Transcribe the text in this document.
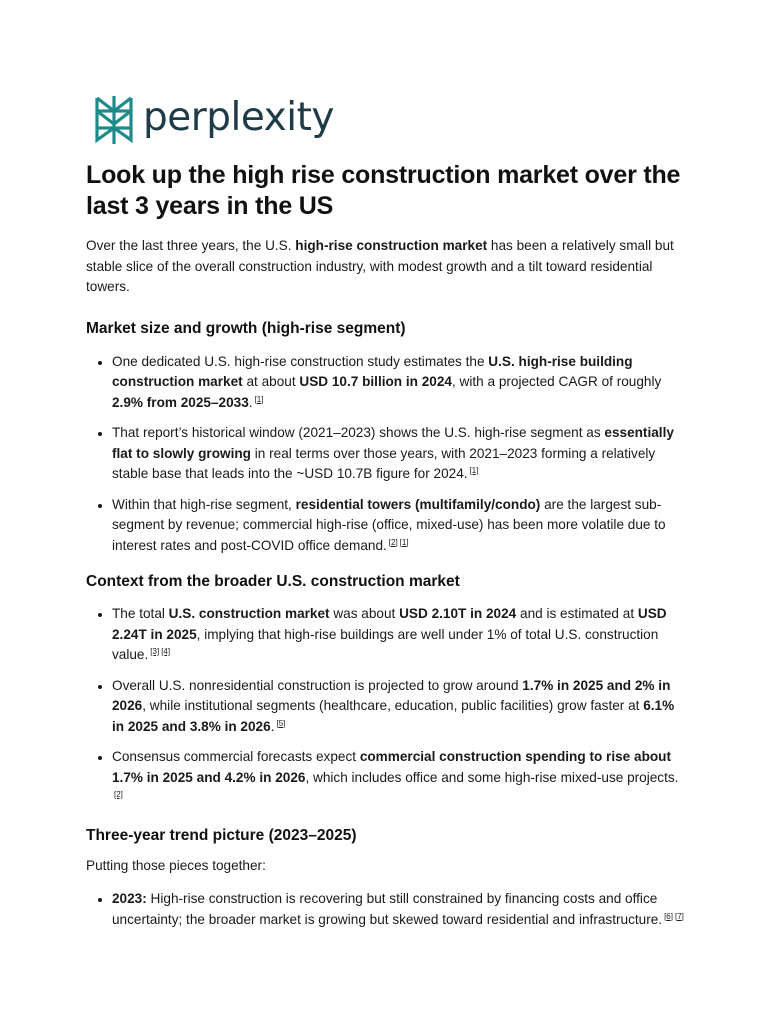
perplexity
Look up the high rise construction market over the last 3 years in the US

Over the last three years, the U.S. high-rise construction market has been a relatively small but stable slice of the overall construction industry, with modest growth and a tilt toward residential towers.

Market size and growth (high-rise segment)
• One dedicated U.S. high-rise construction study estimates the U.S. high-rise building construction market at about USD 10.7 billion in 2024, with a projected CAGR of roughly 2.9% from 2025–2033. [1]
• That report’s historical window (2021–2023) shows the U.S. high-rise segment as essentially flat to slowly growing in real terms over those years, with 2021–2023 forming a relatively stable base that leads into the ~USD 10.7B figure for 2024. [1]
• Within that high-rise segment, residential towers (multifamily/condo) are the largest sub-segment by revenue; commercial high-rise (office, mixed-use) has been more volatile due to interest rates and post-COVID office demand. [2] [1]
Context from the broader U.S. construction market
• The total U.S. construction market was about USD 2.10T in 2024 and is estimated at USD 2.24T in 2025, implying that high-rise buildings are well under 1% of total U.S. construction value. [3] [4]
• Overall U.S. nonresidential construction is projected to grow around 1.7% in 2025 and 2% in 2026, while institutional segments (healthcare, education, public facilities) grow faster at 6.1% in 2025 and 3.8% in 2026. [5]
• Consensus commercial forecasts expect commercial construction spending to rise about 1.7% in 2025 and 4.2% in 2026, which includes office and some high-rise mixed-use projects.[2]
Three-year trend picture (2023–2025)

Putting those pieces together:

• 2023: High-rise construction is recovering but still constrained by financing costs and office uncertainty; the broader market is growing but skewed toward residential and infrastructure. [6] [7]
